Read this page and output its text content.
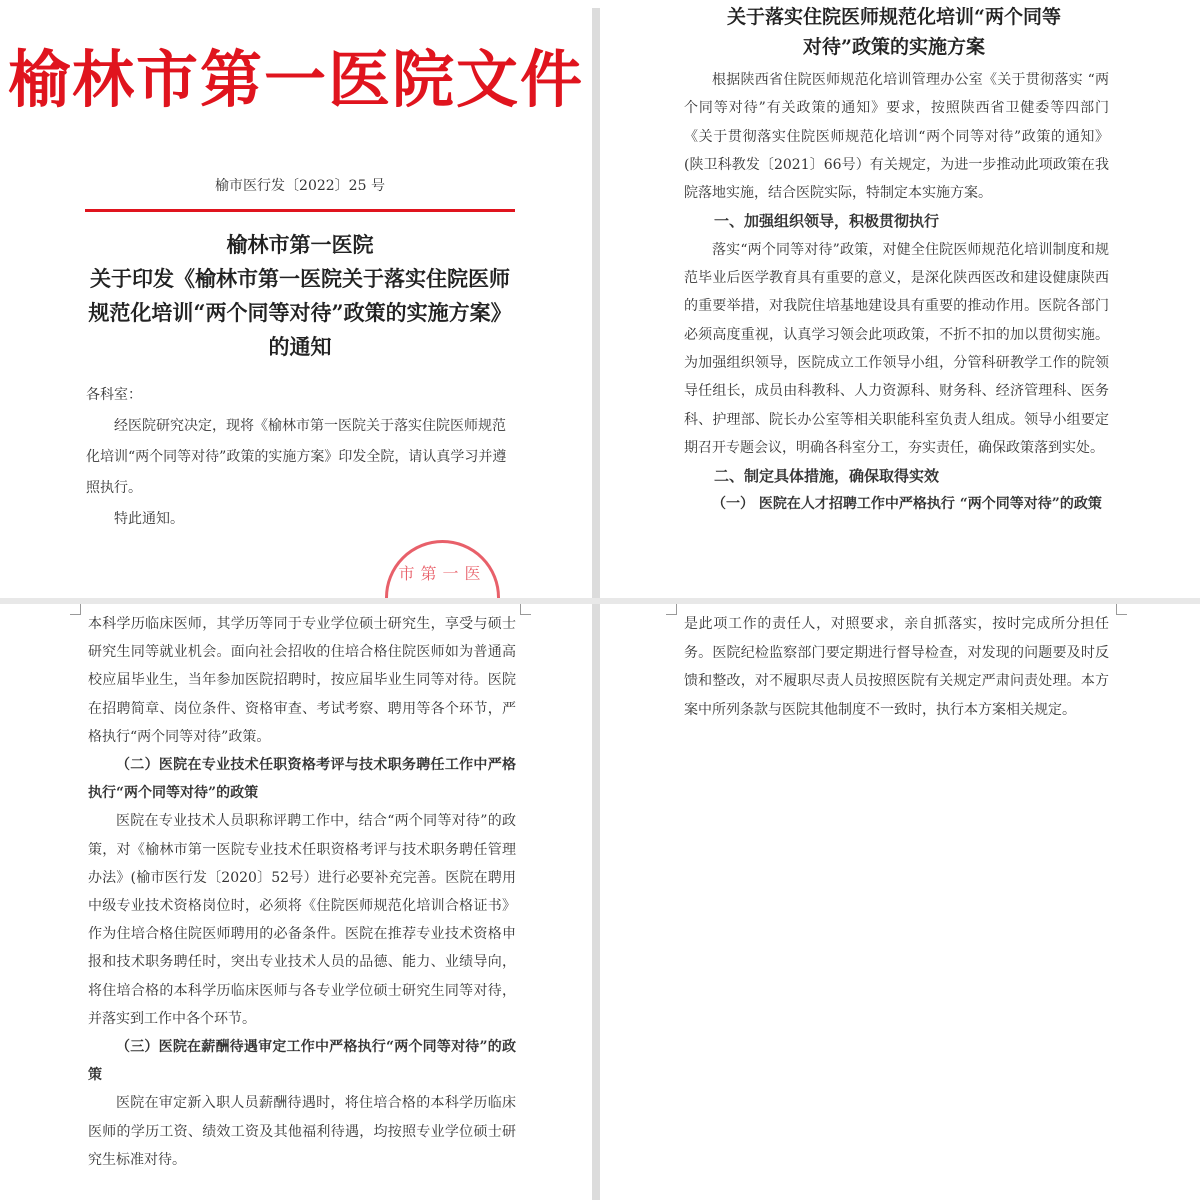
榆林市第一医院文件
榆市医行发〔2022〕25 号
榆林市第一医院
关于印发《榆林市第一医院关于落实住院医师
规范化培训“两个同等对待”政策的实施方案》
的通知

各科室：

经医院研究决定，现将《榆林市第一医院关于落实住院医师规范化培训“两个同等对待”政策的实施方案》印发全院，请认真学习并遵照执行。

特此通知。

市第一医
关于落实住院医师规范化培训“两个同等
对待”政策的实施方案

根据陕西省住院医师规范化培训管理办公室《关于贯彻落实 “两个同等对待”有关政策的通知》要求，按照陕西省卫健委等四部门《关于贯彻落实住院医师规范化培训“两个同等对待”政策的通知》(陕卫科教发〔2021〕66号）有关规定，为进一步推动此项政策在我院落地实施，结合医院实际，特制定本实施方案。

一、加强组织领导，积极贯彻执行

落实“两个同等对待”政策，对健全住院医师规范化培训制度和规范毕业后医学教育具有重要的意义，是深化陕西医改和建设健康陕西的重要举措，对我院住培基地建设具有重要的推动作用。医院各部门必须高度重视，认真学习领会此项政策，不折不扣的加以贯彻实施。为加强组织领导，医院成立工作领导小组，分管科研教学工作的院领导任组长，成员由科教科、人力资源科、财务科、经济管理科、医务科、护理部、院长办公室等相关职能科室负责人组成。领导小组要定期召开专题会议，明确各科室分工，夯实责任，确保政策落到实处。

二、制定具体措施，确保取得实效

（一） 医院在人才招聘工作中严格执行 “两个同等对待”的政策

本科学历临床医师，其学历等同于专业学位硕士研究生，享受与硕士研究生同等就业机会。面向社会招收的住培合格住院医师如为普通高校应届毕业生，当年参加医院招聘时，按应届毕业生同等对待。医院在招聘简章、岗位条件、资格审查、考试考察、聘用等各个环节，严格执行“两个同等对待”政策。

（二）医院在专业技术任职资格考评与技术职务聘任工作中严格执行“两个同等对待”的政策

医院在专业技术人员职称评聘工作中，结合“两个同等对待”的政策，对《榆林市第一医院专业技术任职资格考评与技术职务聘任管理办法》(榆市医行发〔2020〕52号）进行必要补充完善。医院在聘用中级专业技术资格岗位时，必须将《住院医师规范化培训合格证书》作为住培合格住院医师聘用的必备条件。医院在推荐专业技术资格申报和技术职务聘任时，突出专业技术人员的品德、能力、业绩导向，将住培合格的本科学历临床医师与各专业学位硕士研究生同等对待，并落实到工作中各个环节。

（三）医院在薪酬待遇审定工作中严格执行“两个同等对待”的政策

医院在审定新入职人员薪酬待遇时，将住培合格的本科学历临床医师的学历工资、绩效工资及其他福利待遇，均按照专业学位硕士研究生标准对待。

是此项工作的责任人，对照要求，亲自抓落实，按时完成所分担任务。医院纪检监察部门要定期进行督导检查，对发现的问题要及时反馈和整改，对不履职尽责人员按照医院有关规定严肃问责处理。本方案中所列条款与医院其他制度不一致时，执行本方案相关规定。
